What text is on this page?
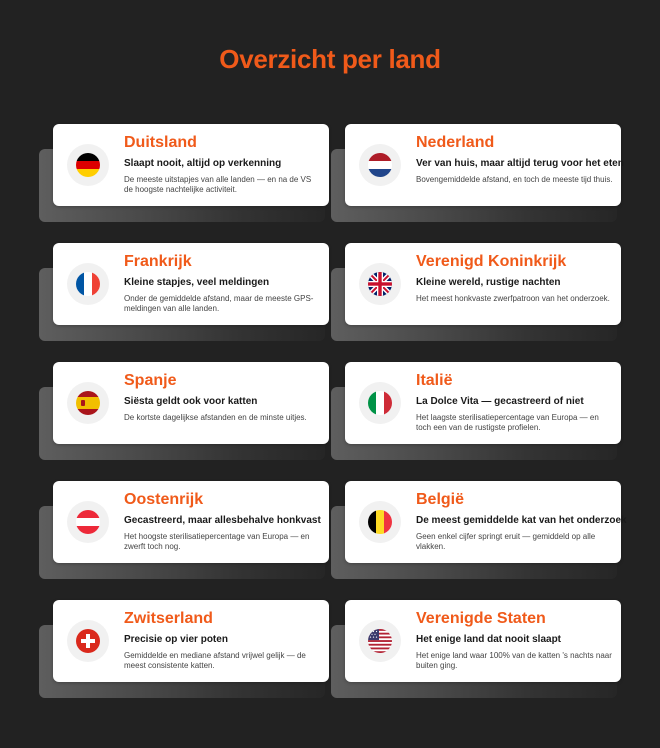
Overzicht per land
Duitsland
Slaapt nooit, altijd op verkenning
De meeste uitstapjes van alle landen — en na de VS de hoogste nachtelijke activiteit.
Nederland
Ver van huis, maar altijd terug voor het eten
Bovengemiddelde afstand, en toch de meeste tijd thuis.
Frankrijk
Kleine stapjes, veel meldingen
Onder de gemiddelde afstand, maar de meeste GPS-meldingen van alle landen.
Verenigd Koninkrijk
Kleine wereld, rustige nachten
Het meest honkvaste zwerfpatroon van het onderzoek.
Spanje
Siësta geldt ook voor katten
De kortste dagelijkse afstanden en de minste uitjes.
Italië
La Dolce Vita — gecastreerd of niet
Het laagste sterilisatiepercentage van Europa — en toch een van de rustigste profielen.
Oostenrijk
Gecastreerd, maar allesbehalve honkvast
Het hoogste sterilisatiepercentage van Europa — en zwerft toch nog.
België
De meest gemiddelde kat van het onderzoek
Geen enkel cijfer springt eruit — gemiddeld op alle vlakken.
Zwitserland
Precisie op vier poten
Gemiddelde en mediane afstand vrijwel gelijk — de meest consistente katten.
Verenigde Staten
Het enige land dat nooit slaapt
Het enige land waar 100% van de katten 's nachts naar buiten ging.
